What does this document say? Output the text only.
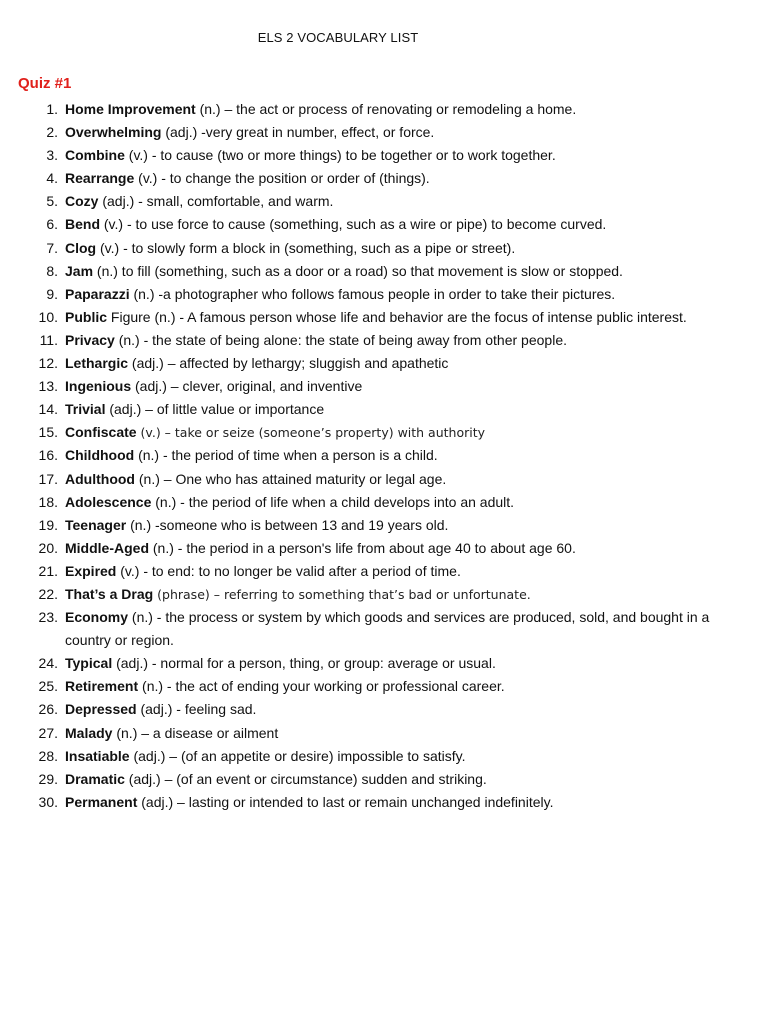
ELS 2 VOCABULARY LIST
Quiz #1
1. Home Improvement (n.) – the act or process of renovating or remodeling a home.
2. Overwhelming (adj.) -very great in number, effect, or force.
3. Combine (v.) - to cause (two or more things) to be together or to work together.
4. Rearrange (v.) - to change the position or order of (things).
5. Cozy (adj.) - small, comfortable, and warm.
6. Bend (v.) - to use force to cause (something, such as a wire or pipe) to become curved.
7. Clog (v.) - to slowly form a block in (something, such as a pipe or street).
8. Jam (n.) to fill (something, such as a door or a road) so that movement is slow or stopped.
9. Paparazzi (n.) -a photographer who follows famous people in order to take their pictures.
10. Public Figure (n.) - A famous person whose life and behavior are the focus of intense public interest.
11. Privacy (n.) - the state of being alone: the state of being away from other people.
12. Lethargic (adj.) – affected by lethargy; sluggish and apathetic
13. Ingenious (adj.) – clever, original, and inventive
14. Trivial (adj.) – of little value or importance
15. Confiscate (v.) – take or seize (someone’s property) with authority
16. Childhood (n.) - the period of time when a person is a child.
17. Adulthood (n.) – One who has attained maturity or legal age.
18. Adolescence (n.) - the period of life when a child develops into an adult.
19. Teenager (n.) -someone who is between 13 and 19 years old.
20. Middle-Aged (n.) - the period in a person's life from about age 40 to about age 60.
21. Expired (v.) - to end: to no longer be valid after a period of time.
22. That’s a Drag (phrase) – referring to something that’s bad or unfortunate.
23. Economy (n.) - the process or system by which goods and services are produced, sold, and bought in a country or region.
24. Typical (adj.) - normal for a person, thing, or group: average or usual.
25. Retirement (n.) - the act of ending your working or professional career.
26. Depressed (adj.) - feeling sad.
27. Malady (n.) – a disease or ailment
28. Insatiable (adj.) – (of an appetite or desire) impossible to satisfy.
29. Dramatic (adj.) – (of an event or circumstance) sudden and striking.
30. Permanent (adj.) – lasting or intended to last or remain unchanged indefinitely.
